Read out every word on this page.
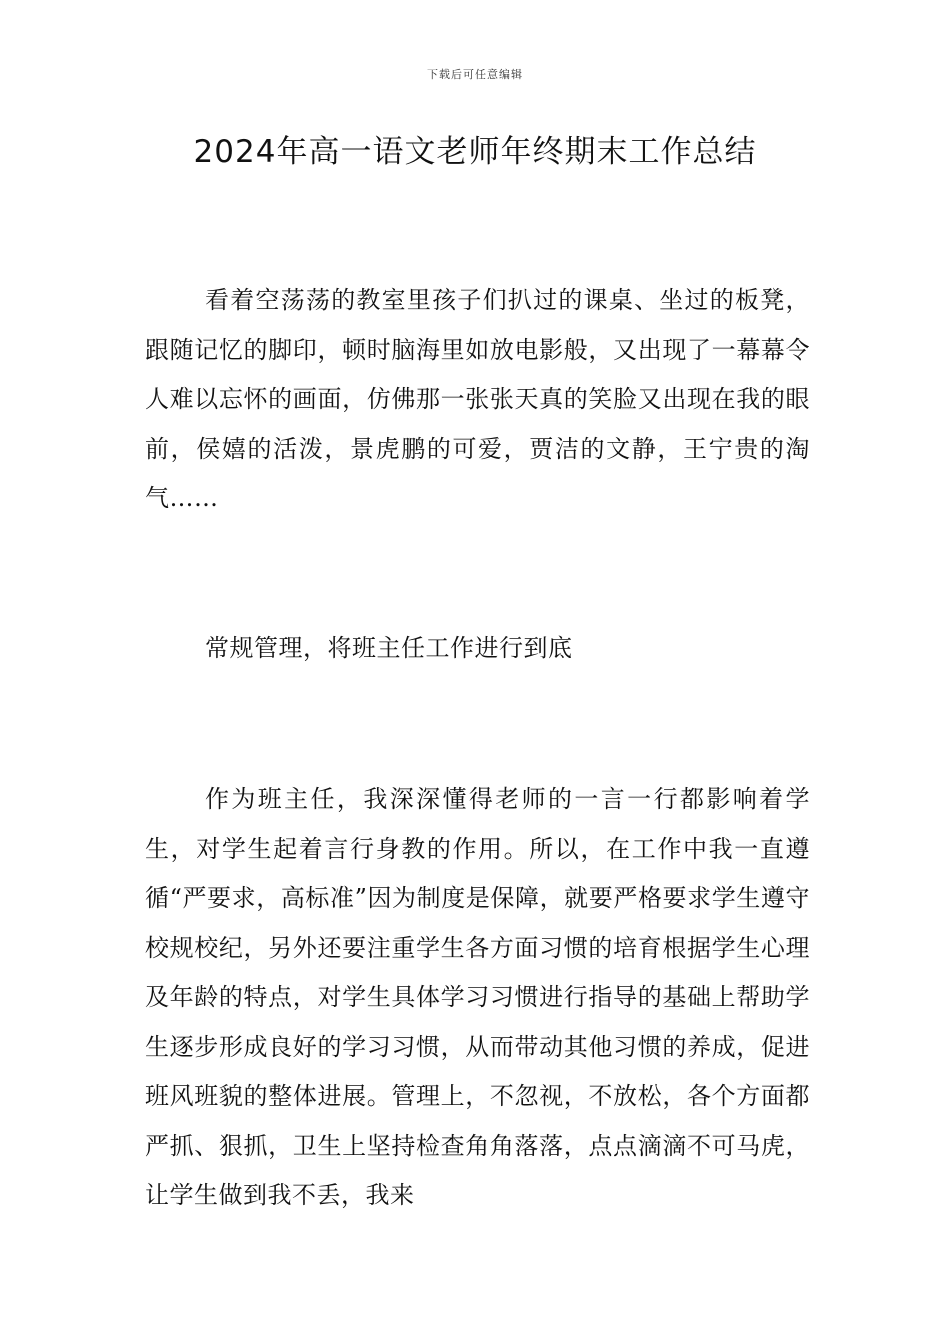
下载后可任意编辑
2024年高一语文老师年终期末工作总结

看着空荡荡的教室里孩子们扒过的课桌、坐过的板凳，跟随记忆的脚印，顿时脑海里如放电影般，又出现了一幕幕令人难以忘怀的画面，仿佛那一张张天真的笑脸又出现在我的眼前，侯嬉的活泼，景虎鹏的可爱，贾洁的文静，王宁贵的淘气……

常规管理，将班主任工作进行到底

作为班主任，我深深懂得老师的一言一行都影响着学生，对学生起着言行身教的作用。所以，在工作中我一直遵循“严要求，高标准”因为制度是保障，就要严格要求学生遵守校规校纪，另外还要注重学生各方面习惯的培育根据学生心理及年龄的特点，对学生具体学习习惯进行指导的基础上帮助学生逐步形成良好的学习习惯，从而带动其他习惯的养成，促进班风班貌的整体进展。管理上，不忽视，不放松，各个方面都严抓、狠抓，卫生上坚持检查角角落落，点点滴滴不可马虎，让学生做到我不丢，我来
